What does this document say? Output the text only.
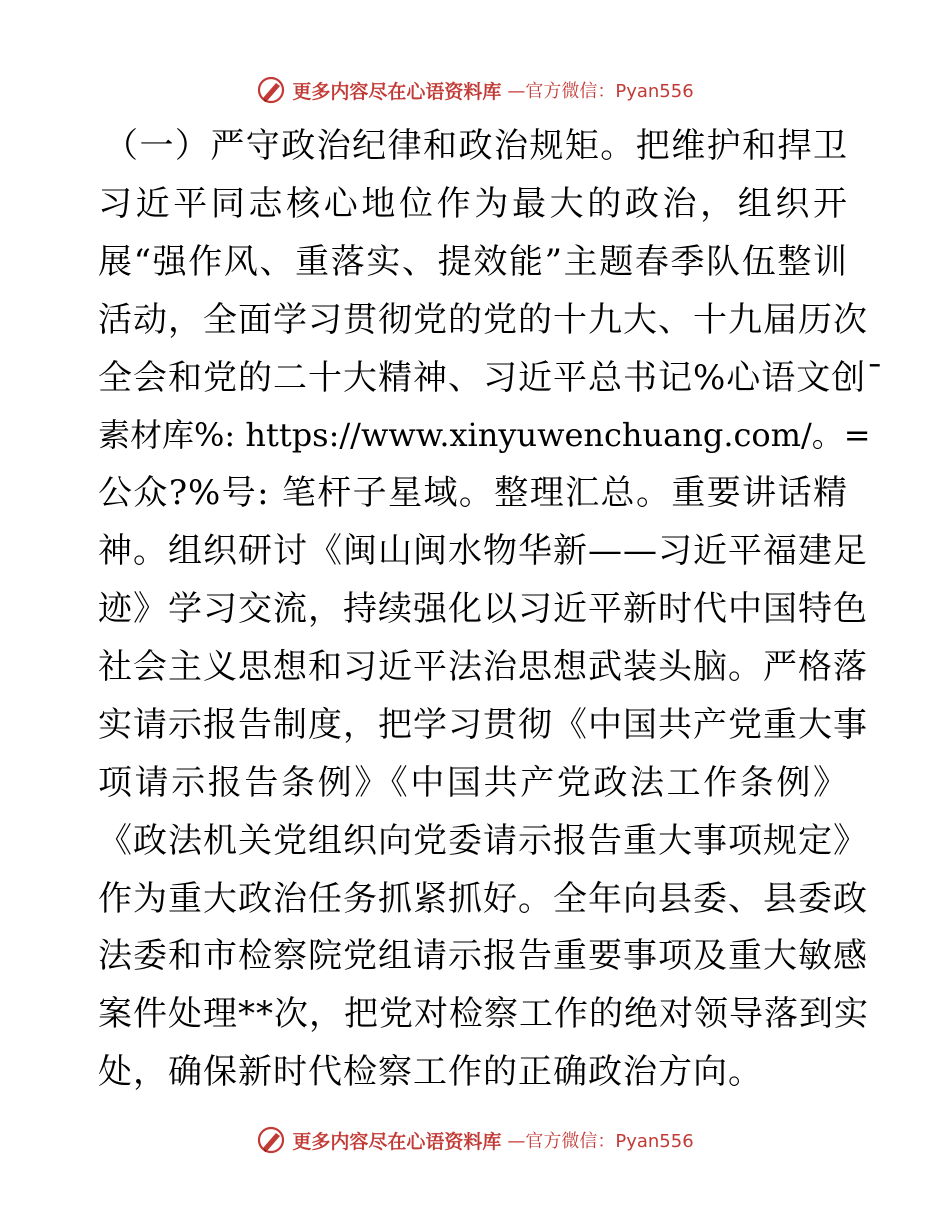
更多内容尽在心语资料库 —官方微信：Pyan556
（一）严守政治纪律和政治规矩。把维护和捍卫
习近平同志核心地位作为最大的政治，组织开
展“强作风、重落实、提效能”主题春季队伍整训
活动，全面学习贯彻党的党的十九大、十九届历次
全会和党的二十大精神、习近平总书记%心语文创¯
素材库%: https://www.xinyuwenchuang.com/。=
公众?%号: 笔杆子星域。整理汇总。重要讲话精
神。组织研讨《闽山闽水物华新——习近平福建足
迹》学习交流，持续强化以习近平新时代中国特色
社会主义思想和习近平法治思想武装头脑。严格落
实请示报告制度，把学习贯彻《中国共产党重大事
项请示报告条例》《中国共产党政法工作条例》
《政法机关党组织向党委请示报告重大事项规定》
作为重大政治任务抓紧抓好。全年向县委、县委政
法委和市检察院党组请示报告重要事项及重大敏感
案件处理**次，把党对检察工作的绝对领导落到实
处，确保新时代检察工作的正确政治方向。
更多内容尽在心语资料库 —官方微信：Pyan556
